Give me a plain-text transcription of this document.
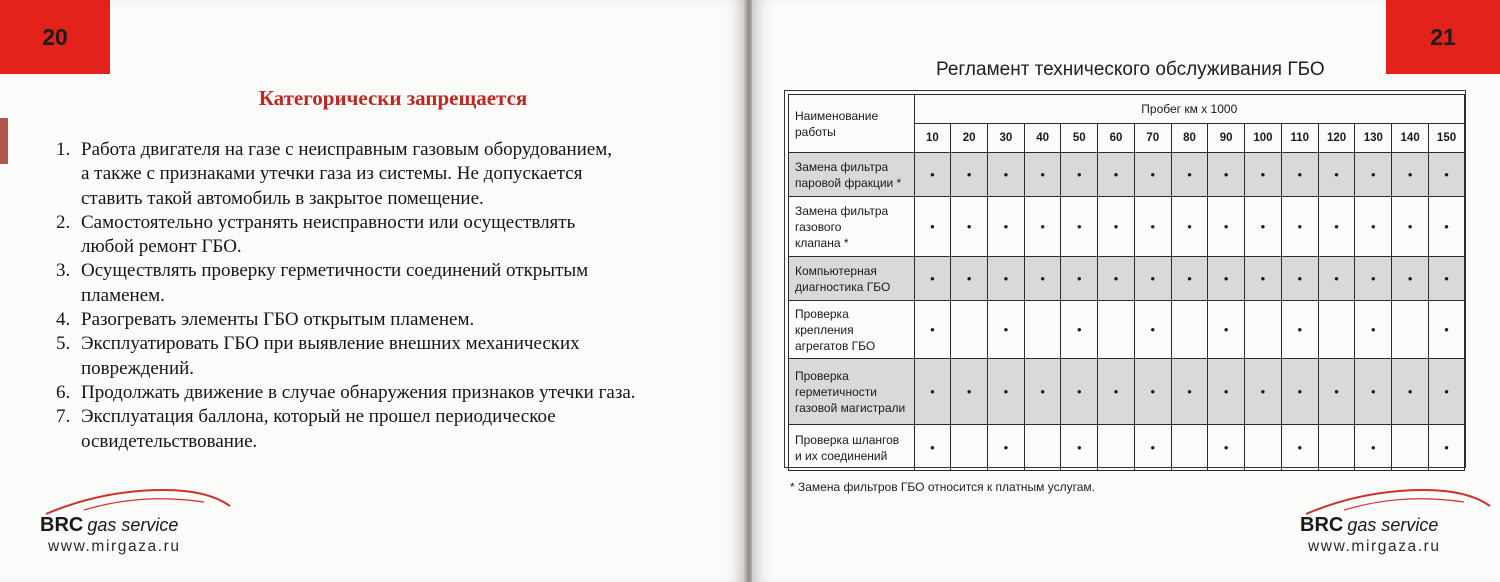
20
Категорически запрещается
1. Работа двигателя на газе с неисправным газовым оборудованием,
а также с признаками утечки газа из системы. Не допускается
ставить такой автомобиль в закрытое помещение.
2. Самостоятельно устранять неисправности или осуществлять
любой ремонт ГБО.
3. Осуществлять проверку герметичности соединений открытым
пламенем.
4. Разогревать элементы ГБО открытым пламенем.
5. Эксплуатировать ГБО при выявление внешних механических
повреждений.
6. Продолжать движение в случае обнаружения признаков утечки газа.
7. Эксплуатация баллона, который не прошел периодическое
освидетельствование.
BRC gas service
www.mirgaza.ru
21
Регламент технического обслуживания ГБО
Наименование
работы	Пробег км x 1000														
	10	20	30	40	50	60	70	80	90	100	110	120	130	140	150
Замена фильтра
паровой фракции *	•	•	•	•	•	•	•	•	•	•	•	•	•	•	•
Замена фильтра
газового
клапана *	•	•	•	•	•	•	•	•	•	•	•	•	•	•	•
Компьютерная
диагностика ГБО	•	•	•	•	•	•	•	•	•	•	•	•	•	•	•
Проверка
крепления
агрегатов ГБО	•		•		•		•		•		•		•		•
Проверка
герметичности
газовой магистрали	•	•	•	•	•	•	•	•	•	•	•	•	•	•	•
Проверка шлангов
и их соединений	•		•		•		•		•		•		•		•

* Замена фильтров ГБО относится к платным услугам.

BRC gas service
www.mirgaza.ru
